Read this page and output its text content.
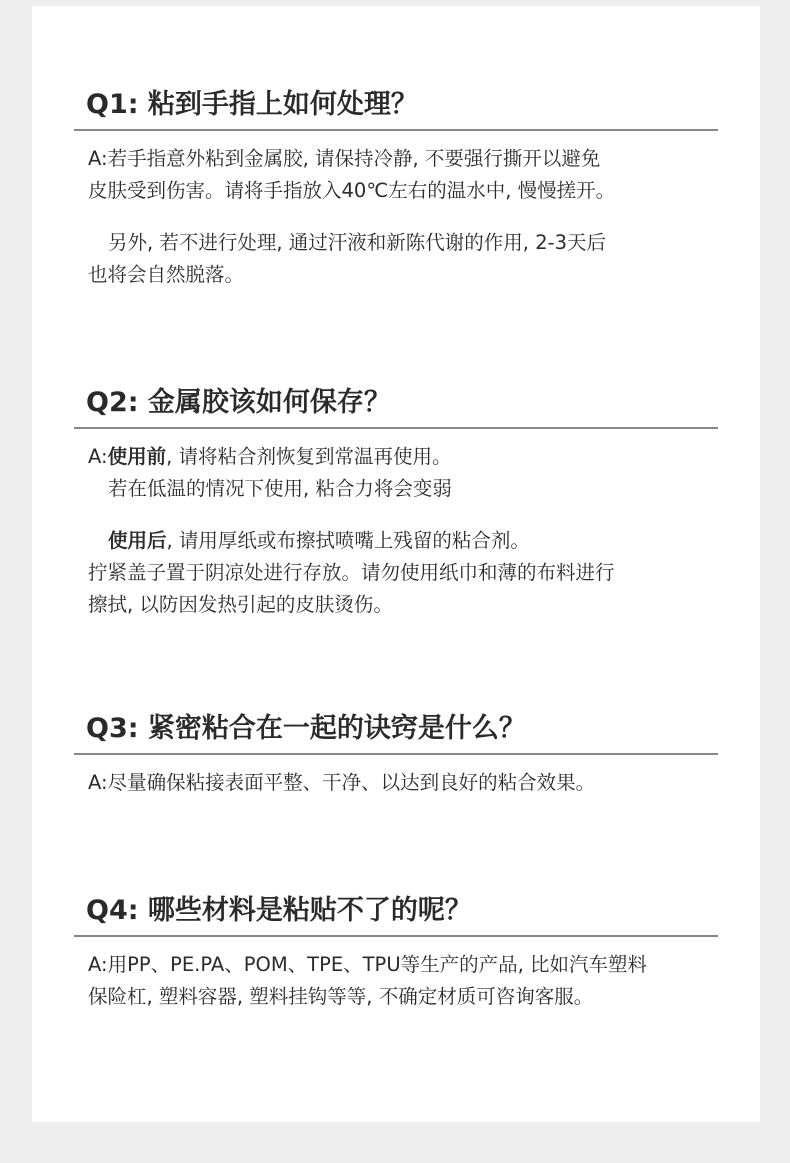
Q1: 粘到手指上如何处理？
A:若手指意外粘到金属胶, 请保持冷静, 不要强行撕开以避免
皮肤受到伤害。请将手指放入40℃左右的温水中, 慢慢搓开。
另外, 若不进行处理, 通过汗液和新陈代谢的作用, 2-3天后
也将会自然脱落。
Q2: 金属胶该如何保存？
A:使用前, 请将粘合剂恢复到常温再使用。
若在低温的情况下使用, 粘合力将会变弱
使用后, 请用厚纸或布擦拭喷嘴上残留的粘合剂。
拧紧盖子置于阴凉处进行存放。请勿使用纸巾和薄的布料进行
擦拭, 以防因发热引起的皮肤烫伤。
Q3: 紧密粘合在一起的诀窍是什么？
A:尽量确保粘接表面平整、干净、以达到良好的粘合效果。
Q4: 哪些材料是粘贴不了的呢？
A:用PP、PE.PA、POM、TPE、TPU等生产的产品, 比如汽车塑料
保险杠, 塑料容器, 塑料挂钩等等, 不确定材质可咨询客服。
